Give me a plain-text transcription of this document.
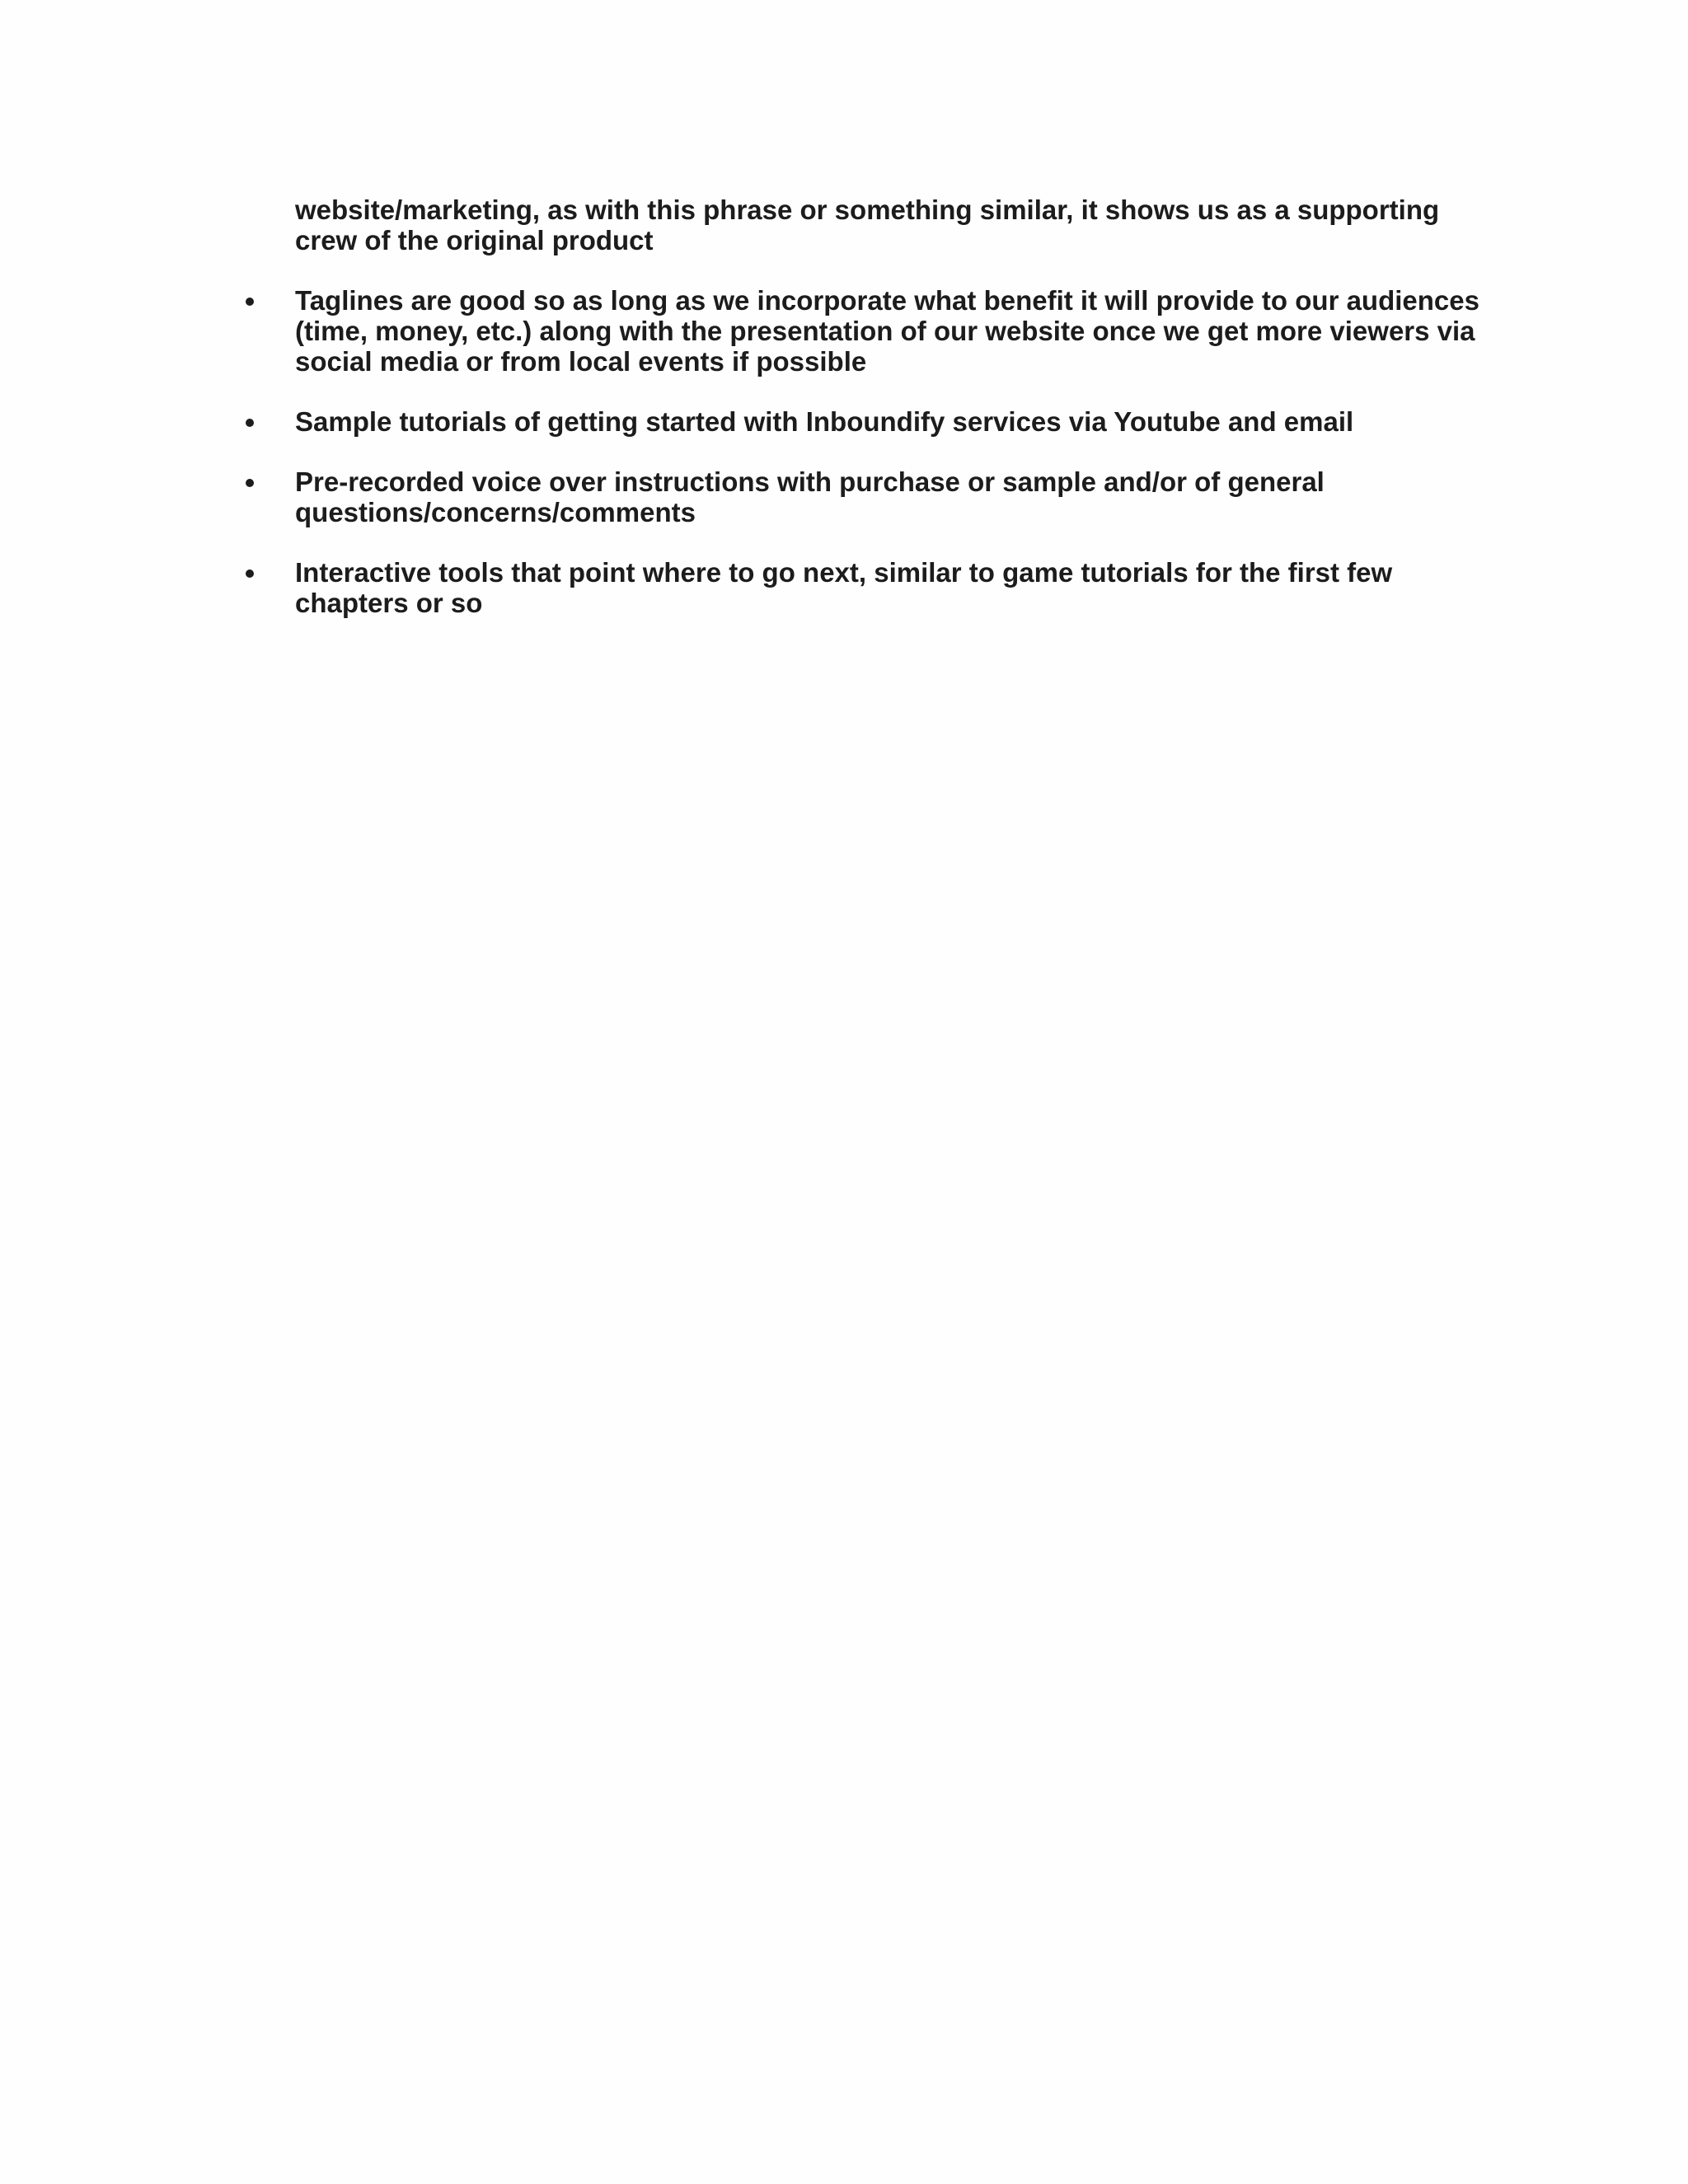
website/marketing, as with this phrase or something similar, it shows us as a supporting crew of the original product

Taglines are good so as long as we incorporate what benefit it will provide to our audiences (time, money, etc.) along with the presentation of our website once we get more viewers via social media or from local events if possible
Sample tutorials of getting started with Inboundify services via Youtube and email
Pre-recorded voice over instructions with purchase or sample and/or of general questions/concerns/comments
Interactive tools that point where to go next, similar to game tutorials for the first few chapters or so
